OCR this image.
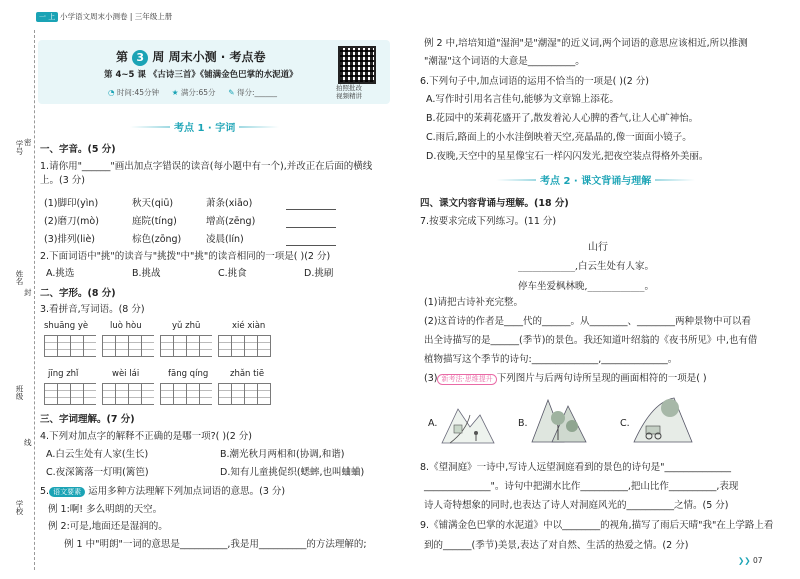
一 上 小学语文周末小测卷 | 三年级上册
学号
姓名
班级
学校
密
封
线
第 3 周 周末小测 · 考点卷
第 4~5 课 《古诗三首》《铺满金色巴掌的水泥道》
◔ 时间:45分钟 ★ 满分:65分 ✎ 得分:______	拍照批改
视频精讲
考点 1 · 字词
一、字音。(5 分)
1.请你用"______"画出加点字错误的读音(每小题中有一个),并改正在后面的横线上。(3 分)
(1)脚印(yìn)	秋天(qiū)	萧条(xiāo)
(2)磨刀(mò)	庭院(tíng)	增高(zēng)
(3)排列(liè)	棕色(zōng)	凌晨(lín)
2.下面词语中"挑"的读音与"挑拨"中"挑"的读音相同的一项是( )(2 分)
A.挑选	B.挑战	C.挑食	D.挑刷
二、字形。(8 分)
3.看拼音,写词语。(8 分)
shuāng yè	luò hòu	yǔ zhū	xié xiàn
jīng zhǐ	wèi lái	fāng qíng	zhǎn tiē
三、字词理解。(7 分)
4.下列对加点字的解释不正确的是哪一项?( )(2 分)
A.白云生处有人家(生长)	B.潮光秋月两相和(协调,和谐)
C.夜深篱落一灯明(篱笆)	D.知有儿童挑促织(蟋蟀,也叫蛐蛐)
5. 语文要素 运用多种方法理解下列加点词语的意思。(3 分)
例 1:啊! 多么明朗的天空。
例 2:可是,地面还是湿润的。
例 1 中"明朗"一词的意思是__________,我是用__________的方法理解的;
例 2 中,培培知道"湿润"是"潮湿"的近义词,两个词语的意思应该相近,所以推测
"潮湿"这个词语的大意是__________。
6.下列句子中,加点词语的运用不恰当的一项是( )(2 分)
A.写作时引用名言佳句,能够为文章锦上添花。
B.花园中的茉莉花盛开了,散发着沁人心脾的香气,让人心旷神怡。
C.雨后,路面上的小水洼倒映着天空,亮晶晶的,像一面面小镜子。
D.夜晚,天空中的星星像宝石一样闪闪发光,把夜空装点得格外美丽。
考点 2 · 课文背诵与理解
四、课文内容背诵与理解。(18 分)
7.按要求完成下列练习。(11 分)
山行
____________,白云生处有人家。
停车坐爱枫林晚,____________。
(1)请把古诗补充完整。
(2)这首诗的作者是____代的______。从________、________两种景物中可以看
出全诗描写的是______(季节)的景色。我还知道叶绍翁的《夜书所见》中,也有借
植物描写这个季节的诗句:______________,______________。
(3) 新考法·思维提升 下列图片与后两句诗所呈现的画面相符的一项是( )
A.	B.	C.
8.《望洞庭》一诗中,写诗人远望洞庭看到的景色的诗句是"______________
______________"。诗句中把湖水比作__________,把山比作__________,表现
诗人奇特想象的同时,也表达了诗人对洞庭风光的__________之情。(5 分)
9.《铺满金色巴掌的水泥道》中以________的视角,描写了雨后天晴"我"在上学路上看
到的______(季节)美景,表达了对自然、生活的热爱之情。(2 分)
❯❯ 07
